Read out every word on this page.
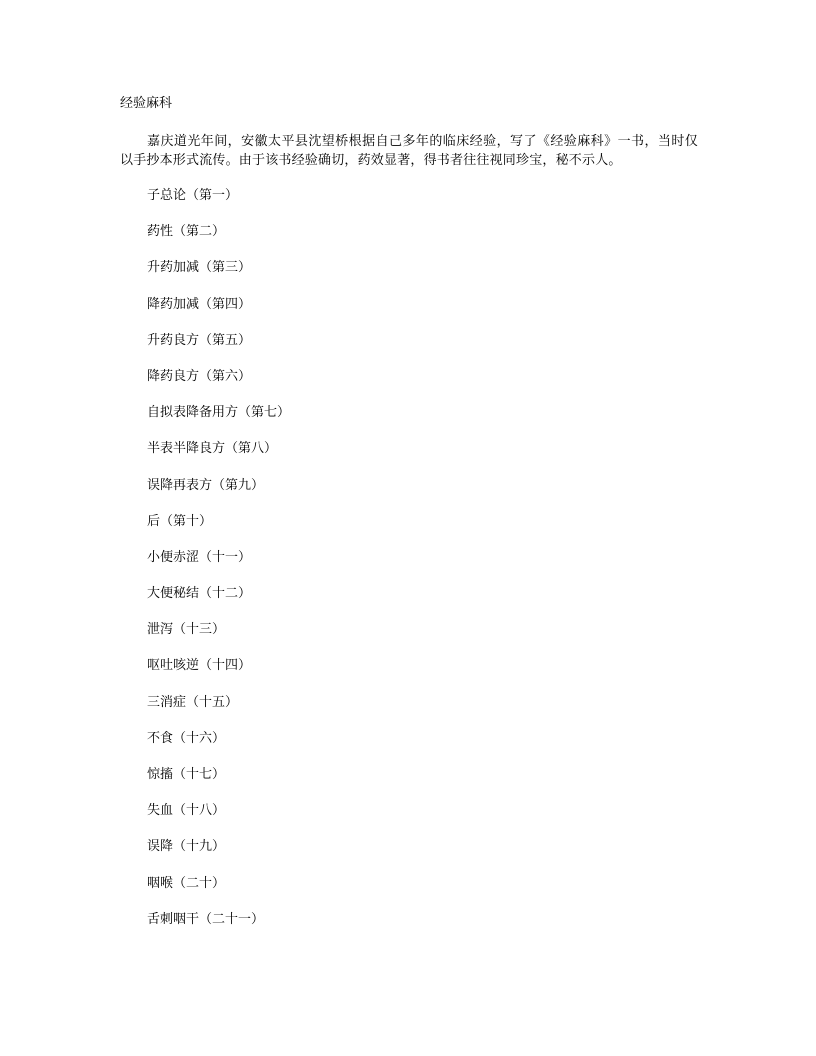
经验麻科

嘉庆道光年间，安徽太平县沈望桥根据自己多年的临床经验，写了《经验麻科》一书，当时仅以手抄本形式流传。由于该书经验确切，药效显著，得书者往往视同珍宝，秘不示人。

子总论（第一）
药性（第二）
升药加减（第三）
降药加减（第四）
升药良方（第五）
降药良方（第六）
自拟表降备用方（第七）
半表半降良方（第八）
误降再表方（第九）
后（第十）
小便赤涩（十一）
大便秘结（十二）
泄泻（十三）
呕吐咳逆（十四）
三消症（十五）
不食（十六）
惊搐（十七）
失血（十八）
误降（十九）
咽喉（二十）
舌刺咽干（二十一）
